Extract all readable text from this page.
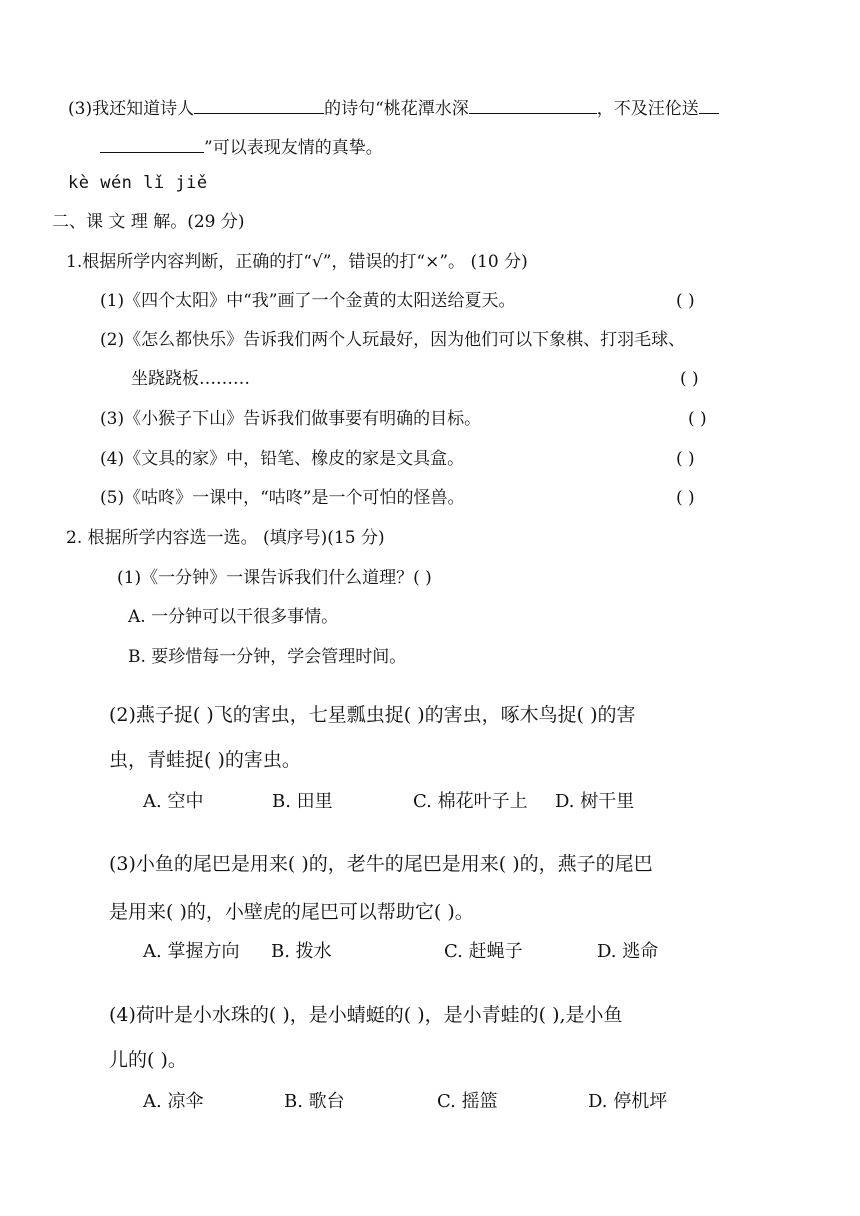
(3)我还知道诗人	的诗句“桃花潭水深	，不及汪伦送
”可以表现友情的真挚。
kè wén lǐ jiě
二、课 文 理 解。(29 分)
1.根据所学内容判断，正确的打“√”，错误的打“×”。 (10 分)
(1)《四个太阳》中“我”画了一个金黄的太阳送给夏天。	( )
(2)《怎么都快乐》告诉我们两个人玩最好，因为他们可以下象棋、打羽毛球、
坐跷跷板………	( )
(3)《小猴子下山》告诉我们做事要有明确的目标。	( )
(4)《文具的家》中，铅笔、橡皮的家是文具盒。	( )
(5)《咕咚》一课中，“咕咚”是一个可怕的怪兽。	( )
2. 根据所学内容选一选。 (填序号)(15 分)
(1)《一分钟》一课告诉我们什么道理？( )
A. 一分钟可以干很多事情。
B. 要珍惜每一分钟，学会管理时间。
(2)燕子捉( )飞的害虫，七星瓢虫捉( )的害虫，啄木鸟捉( )的害
虫，青蛙捉( )的害虫。
A. 空中	B. 田里	C. 棉花叶子上 D. 树干里
(3)小鱼的尾巴是用来( )的，老牛的尾巴是用来( )的，燕子的尾巴
是用来( )的，小壁虎的尾巴可以帮助它( )。
A. 掌握方向 B. 拨水	C. 赶蝇子	D. 逃命
(4)荷叶是小水珠的( )，是小蜻蜓的( )，是小青蛙的( ),是小鱼
儿的( )。
A. 凉伞	B. 歌台	C. 摇篮	D. 停机坪
